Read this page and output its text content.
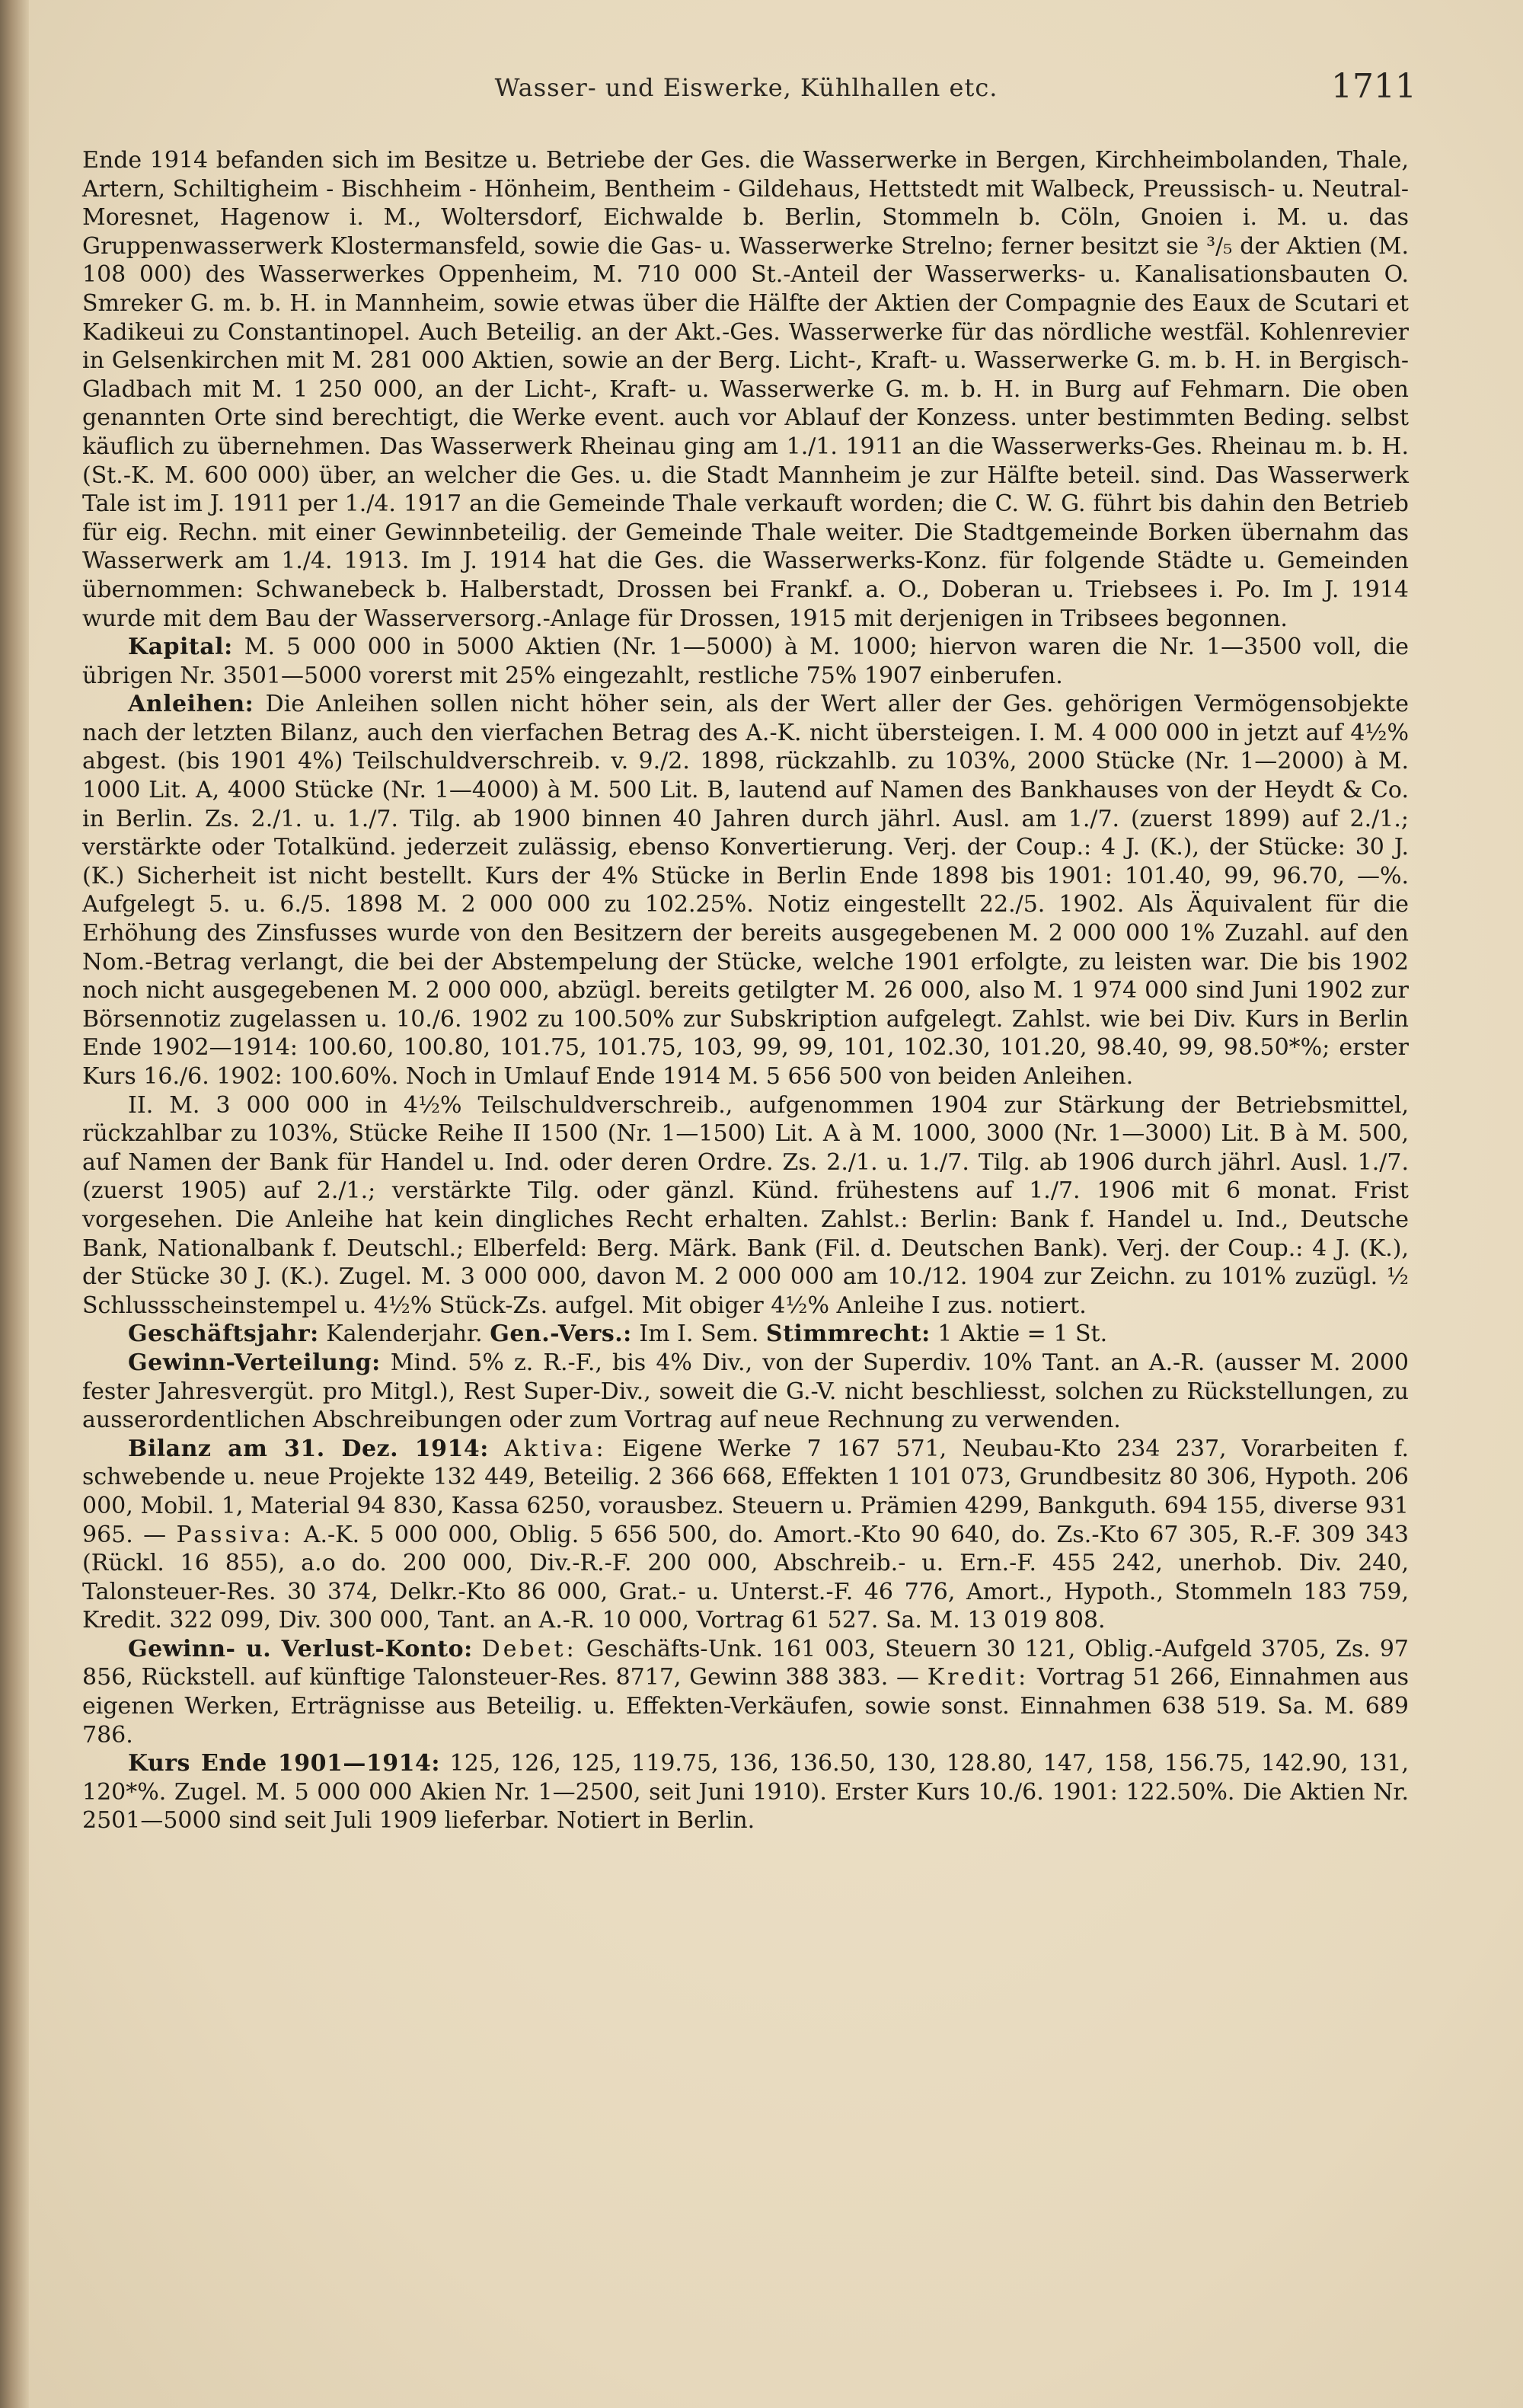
Wasser- und Eiswerke, Kühlhallen etc.	1711

Ende 1914 befanden sich im Besitze u. Betriebe der Ges. die Wasserwerke in Bergen, Kirchheimbolanden, Thale, Artern, Schiltigheim - Bischheim - Hönheim, Bentheim - Gildehaus, Hettstedt mit Walbeck, Preussisch- u. Neutral-Moresnet, Hagenow i. M., Woltersdorf, Eichwalde b. Berlin, Stommeln b. Cöln, Gnoien i. M. u. das Gruppenwasserwerk Klostermansfeld, sowie die Gas- u. Wasserwerke Strelno; ferner besitzt sie ³/₅ der Aktien (M. 108 000) des Wasserwerkes Oppenheim, M. 710 000 St.-Anteil der Wasserwerks- u. Kanalisationsbauten O. Smreker G. m. b. H. in Mannheim, sowie etwas über die Hälfte der Aktien der Compagnie des Eaux de Scutari et Kadikeui zu Constantinopel. Auch Beteilig. an der Akt.-Ges. Wasserwerke für das nördliche westfäl. Kohlenrevier in Gelsenkirchen mit M. 281 000 Aktien, sowie an der Berg. Licht-, Kraft- u. Wasserwerke G. m. b. H. in Bergisch-Gladbach mit M. 1 250 000, an der Licht-, Kraft- u. Wasserwerke G. m. b. H. in Burg auf Fehmarn. Die oben genannten Orte sind berechtigt, die Werke event. auch vor Ablauf der Konzess. unter bestimmten Beding. selbst käuflich zu übernehmen. Das Wasserwerk Rheinau ging am 1./1. 1911 an die Wasserwerks-Ges. Rheinau m. b. H. (St.-K. M. 600 000) über, an welcher die Ges. u. die Stadt Mannheim je zur Hälfte beteil. sind. Das Wasserwerk Tale ist im J. 1911 per 1./4. 1917 an die Gemeinde Thale verkauft worden; die C. W. G. führt bis dahin den Betrieb für eig. Rechn. mit einer Gewinnbeteilig. der Gemeinde Thale weiter. Die Stadtgemeinde Borken übernahm das Wasserwerk am 1./4. 1913. Im J. 1914 hat die Ges. die Wasserwerks-Konz. für folgende Städte u. Gemeinden übernommen: Schwanebeck b. Halberstadt, Drossen bei Frankf. a. O., Doberan u. Triebsees i. Po. Im J. 1914 wurde mit dem Bau der Wasserversorg.-Anlage für Drossen, 1915 mit derjenigen in Tribsees begonnen.

Kapital: M. 5 000 000 in 5000 Aktien (Nr. 1—5000) à M. 1000; hiervon waren die Nr. 1—3500 voll, die übrigen Nr. 3501—5000 vorerst mit 25% eingezahlt, restliche 75% 1907 einberufen.

Anleihen: Die Anleihen sollen nicht höher sein, als der Wert aller der Ges. gehörigen Vermögensobjekte nach der letzten Bilanz, auch den vierfachen Betrag des A.-K. nicht übersteigen. I. M. 4 000 000 in jetzt auf 4½% abgest. (bis 1901 4%) Teilschuldverschreib. v. 9./2. 1898, rückzahlb. zu 103%, 2000 Stücke (Nr. 1—2000) à M. 1000 Lit. A, 4000 Stücke (Nr. 1—4000) à M. 500 Lit. B, lautend auf Namen des Bankhauses von der Heydt & Co. in Berlin. Zs. 2./1. u. 1./7. Tilg. ab 1900 binnen 40 Jahren durch jährl. Ausl. am 1./7. (zuerst 1899) auf 2./1.; verstärkte oder Totalkünd. jederzeit zulässig, ebenso Konvertierung. Verj. der Coup.: 4 J. (K.), der Stücke: 30 J. (K.) Sicherheit ist nicht bestellt. Kurs der 4% Stücke in Berlin Ende 1898 bis 1901: 101.40, 99, 96.70, —%. Aufgelegt 5. u. 6./5. 1898 M. 2 000 000 zu 102.25%. Notiz eingestellt 22./5. 1902. Als Äquivalent für die Erhöhung des Zinsfusses wurde von den Besitzern der bereits ausgegebenen M. 2 000 000 1% Zuzahl. auf den Nom.-Betrag verlangt, die bei der Abstempelung der Stücke, welche 1901 erfolgte, zu leisten war. Die bis 1902 noch nicht ausgegebenen M. 2 000 000, abzügl. bereits getilgter M. 26 000, also M. 1 974 000 sind Juni 1902 zur Börsennotiz zugelassen u. 10./6. 1902 zu 100.50% zur Subskription aufgelegt. Zahlst. wie bei Div. Kurs in Berlin Ende 1902—1914: 100.60, 100.80, 101.75, 101.75, 103, 99, 99, 101, 102.30, 101.20, 98.40, 99, 98.50*%; erster Kurs 16./6. 1902: 100.60%. Noch in Umlauf Ende 1914 M. 5 656 500 von beiden Anleihen.

II. M. 3 000 000 in 4½% Teilschuldverschreib., aufgenommen 1904 zur Stärkung der Betriebsmittel, rückzahlbar zu 103%, Stücke Reihe II 1500 (Nr. 1—1500) Lit. A à M. 1000, 3000 (Nr. 1—3000) Lit. B à M. 500, auf Namen der Bank für Handel u. Ind. oder deren Ordre. Zs. 2./1. u. 1./7. Tilg. ab 1906 durch jährl. Ausl. 1./7. (zuerst 1905) auf 2./1.; verstärkte Tilg. oder gänzl. Künd. frühestens auf 1./7. 1906 mit 6 monat. Frist vorgesehen. Die Anleihe hat kein dingliches Recht erhalten. Zahlst.: Berlin: Bank f. Handel u. Ind., Deutsche Bank, Nationalbank f. Deutschl.; Elberfeld: Berg. Märk. Bank (Fil. d. Deutschen Bank). Verj. der Coup.: 4 J. (K.), der Stücke 30 J. (K.). Zugel. M. 3 000 000, davon M. 2 000 000 am 10./12. 1904 zur Zeichn. zu 101% zuzügl. ½ Schlussscheinstempel u. 4½% Stück-Zs. aufgel. Mit obiger 4½% Anleihe I zus. notiert.

Geschäftsjahr: Kalenderjahr. Gen.-Vers.: Im I. Sem. Stimmrecht: 1 Aktie = 1 St.

Gewinn-Verteilung: Mind. 5% z. R.-F., bis 4% Div., von der Superdiv. 10% Tant. an A.-R. (ausser M. 2000 fester Jahresvergüt. pro Mitgl.), Rest Super-Div., soweit die G.-V. nicht beschliesst, solchen zu Rückstellungen, zu ausserordentlichen Abschreibungen oder zum Vortrag auf neue Rechnung zu verwenden.

Bilanz am 31. Dez. 1914: Aktiva: Eigene Werke 7 167 571, Neubau-Kto 234 237, Vorarbeiten f. schwebende u. neue Projekte 132 449, Beteilig. 2 366 668, Effekten 1 101 073, Grundbesitz 80 306, Hypoth. 206 000, Mobil. 1, Material 94 830, Kassa 6250, vorausbez. Steuern u. Prämien 4299, Bankguth. 694 155, diverse 931 965. — Passiva: A.-K. 5 000 000, Oblig. 5 656 500, do. Amort.-Kto 90 640, do. Zs.-Kto 67 305, R.-F. 309 343 (Rückl. 16 855), a.o do. 200 000, Div.-R.-F. 200 000, Abschreib.- u. Ern.-F. 455 242, unerhob. Div. 240, Talonsteuer-Res. 30 374, Delkr.-Kto 86 000, Grat.- u. Unterst.-F. 46 776, Amort., Hypoth., Stommeln 183 759, Kredit. 322 099, Div. 300 000, Tant. an A.-R. 10 000, Vortrag 61 527. Sa. M. 13 019 808.

Gewinn- u. Verlust-Konto: Debet: Geschäfts-Unk. 161 003, Steuern 30 121, Oblig.-Aufgeld 3705, Zs. 97 856, Rückstell. auf künftige Talonsteuer-Res. 8717, Gewinn 388 383. — Kredit: Vortrag 51 266, Einnahmen aus eigenen Werken, Erträgnisse aus Beteilig. u. Effekten-Verkäufen, sowie sonst. Einnahmen 638 519. Sa. M. 689 786.

Kurs Ende 1901—1914: 125, 126, 125, 119.75, 136, 136.50, 130, 128.80, 147, 158, 156.75, 142.90, 131, 120*%. Zugel. M. 5 000 000 Akien Nr. 1—2500, seit Juni 1910). Erster Kurs 10./6. 1901: 122.50%. Die Aktien Nr. 2501—5000 sind seit Juli 1909 lieferbar. Notiert in Berlin.
